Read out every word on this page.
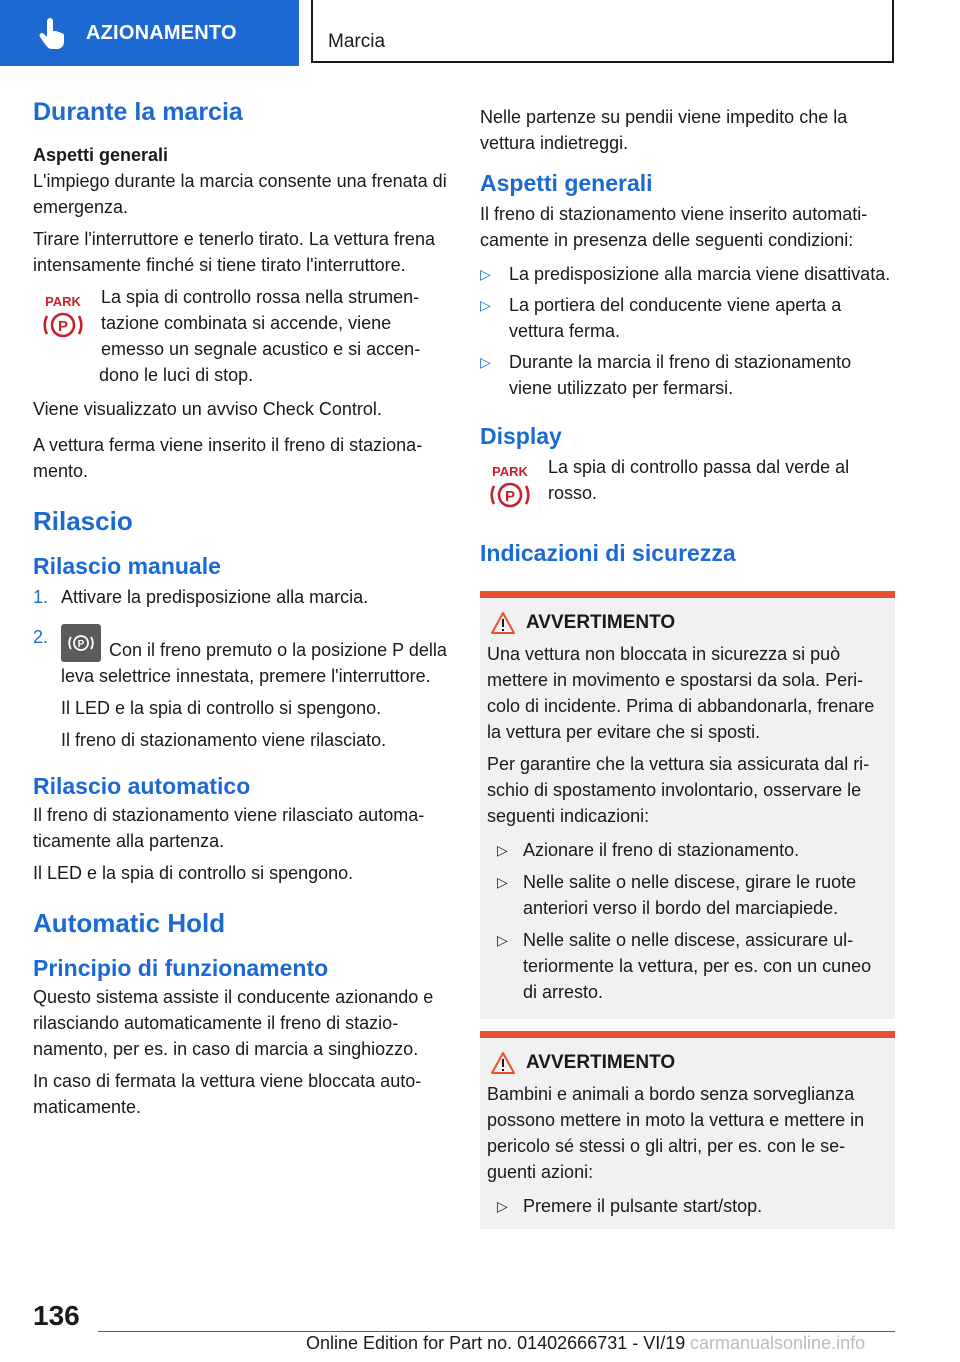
AZIONAMENTO	Marcia

Durante la marcia

Aspetti generali

L'impiego durante la marcia consente una frenata di emergenza.

Tirare l'interruttore e tenerlo tirato. La vettura frena intensamente finché si tiene tirato l'interruttore.

PARK
P

La spia di controllo rossa nella strumentazione combinata si accende, viene emesso un segnale acustico e si accendono le luci di stop.

Viene visualizzato un avviso Check Control.

A vettura ferma viene inserito il freno di stazionamento.

Rilascio

Rilascio manuale

1. Attivare la predisposizione alla marcia.
2.	P Con il freno premuto o la posizione P della leva selettrice innestata, premere l'interruttore.

Il LED e la spia di controllo si spengono.

Il freno di stazionamento viene rilasciato.

Rilascio automatico

Il freno di stazionamento viene rilasciato automaticamente alla partenza.

Il LED e la spia di controllo si spengono.

Automatic Hold

Principio di funzionamento

Questo sistema assiste il conducente azionando e rilasciando automaticamente il freno di stazionamento, per es. in caso di marcia a singhiozzo.

In caso di fermata la vettura viene bloccata automaticamente.

Nelle partenze su pendii viene impedito che la vettura indietreggi.

Aspetti generali

Il freno di stazionamento viene inserito automaticamente in presenza delle seguenti condizioni:

▷ La predisposizione alla marcia viene disattivata.
▷ La portiera del conducente viene aperta a vettura ferma.
▷ Durante la marcia il freno di stazionamento viene utilizzato per fermarsi.

Display

PARK
P

La spia di controllo passa dal verde al rosso.

Indicazioni di sicurezza

AVVERTIMENTO

Una vettura non bloccata in sicurezza si può mettere in movimento e spostarsi da sola. Pericolo di incidente. Prima di abbandonarla, frenare la vettura per evitare che si sposti.

Per garantire che la vettura sia assicurata dal rischio di spostamento involontario, osservare le seguenti indicazioni:

▷ Azionare il freno di stazionamento.
▷ Nelle salite o nelle discese, girare le ruote anteriori verso il bordo del marciapiede.
▷ Nelle salite o nelle discese, assicurare ulteriormente la vettura, per es. con un cuneo di arresto.
AVVERTIMENTO

Bambini e animali a bordo senza sorveglianza possono mettere in moto la vettura e mettere in pericolo sé stessi o gli altri, per es. con le seguenti azioni:

▷ Premere il pulsante start/stop.
136
Online Edition for Part no. 01402666731 - VI/19 carmanualsonline.info
